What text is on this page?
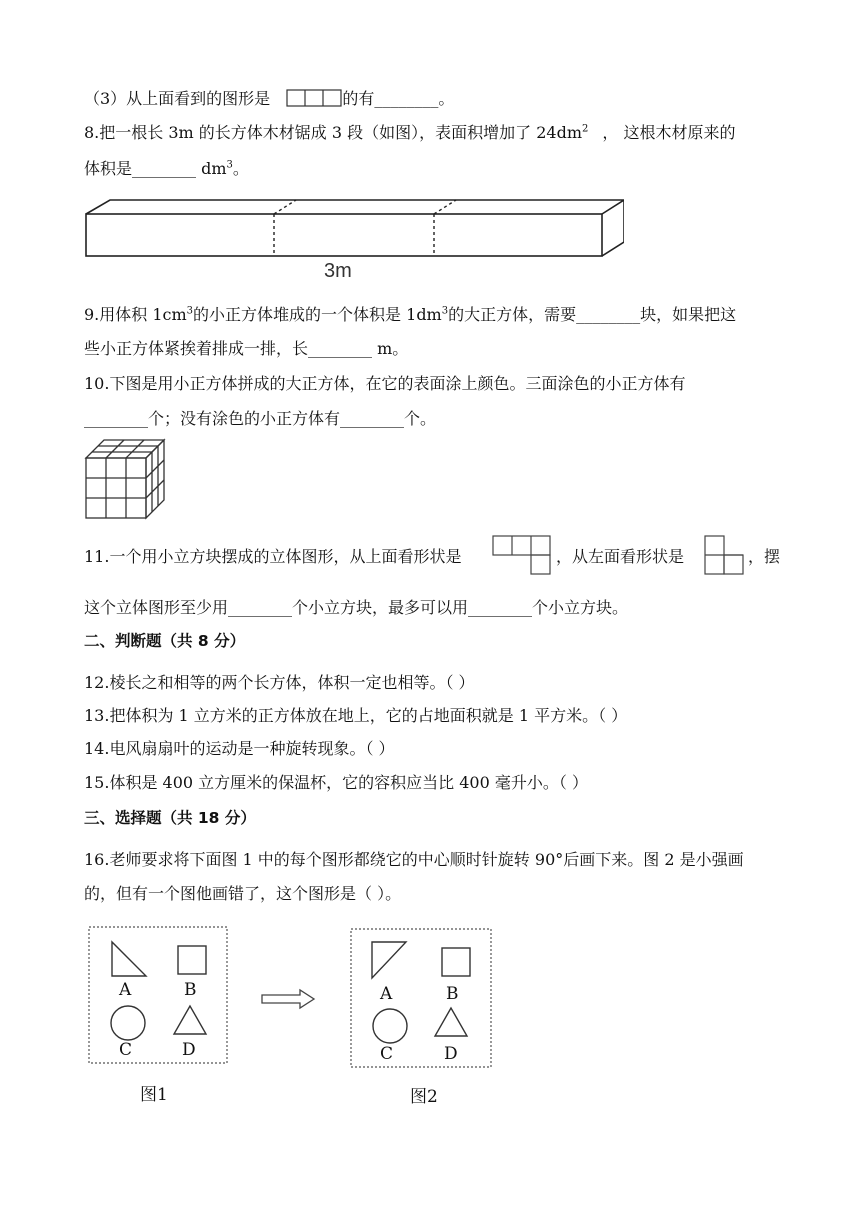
（3）从上面看到的图形是	的有________。
8.把一根长 3m 的长方体木材锯成 3 段（如图），表面积增加了 $24dm^2$ ， 这根木材原来的
体积是________ $dm^3$。
3m
9.用体积 $1cm^3$的小正方体堆成的一个体积是 $1dm^3$的大正方体，需要________块，如果把这
些小正方体紧挨着排成一排，长________ m。
10.下图是用小正方体拼成的大正方体，在它的表面涂上颜色。三面涂色的小正方体有
________个；没有涂色的小正方体有________个。
11.一个用小立方块摆成的立体图形，从上面看形状是	，从左面看形状是	，摆
这个立体图形至少用________个小立方块，最多可以用________个小立方块。
二、判断题（共 8 分）
12.棱长之和相等的两个长方体，体积一定也相等。（ ）
13.把体积为 1 立方米的正方体放在地上，它的占地面积就是 1 平方米。（ ）
14.电风扇扇叶的运动是一种旋转现象。（ ）
15.体积是 400 立方厘米的保温杯，它的容积应当比 400 毫升小。（ ）
三、选择题（共 18 分）
16.老师要求将下面图 1 中的每个图形都绕它的中心顺时针旋转 90°后画下来。图 2 是小强画
的，但有一个图他画错了，这个图形是（ ）。
A	B
C	D
图1
A	B
C	D
图2
